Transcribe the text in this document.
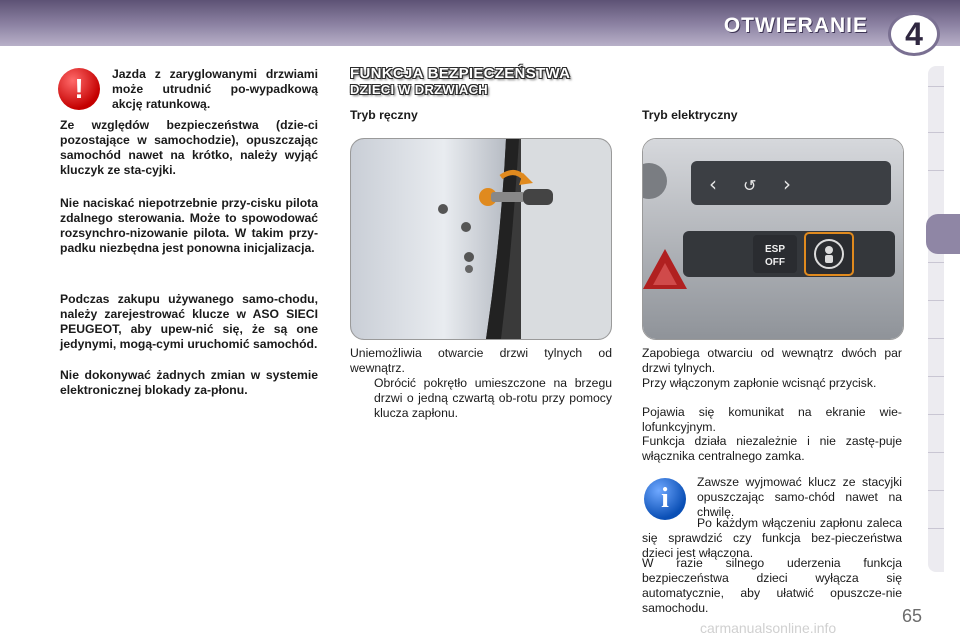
OTWIERANIE	4
!	Jazda z zaryglowanymi drzwiami może utrudnić po-wypadkową akcję ratunkową.

Ze względów bezpieczeństwa (dzie-ci pozostające w samochodzie), opuszczając samochód nawet na krótko, należy wyjąć kluczyk ze sta-cyjki.

Nie naciskać niepotrzebnie przy-cisku pilota zdalnego sterowania. Może to spowodować rozsynchro-nizowanie pilota. W takim przy-padku niezbędna jest ponowna inicjalizacja.

Podczas zakupu używanego samo-chodu, należy zarejestrować klucze w ASO SIECI PEUGEOT, aby upew-nić się, że są one jedynymi, mogą-cymi uruchomić samochód.

Nie dokonywać żadnych zmian w systemie elektronicznej blokady za-płonu.

FUNKCJA BEZPIECZEŃSTWA
DZIECI W DRZWIACH
Tryb ręczny

Uniemożliwia otwarcie drzwi tylnych od wewnątrz.

Obrócić pokrętło umieszczone na brzegu drzwi o jedną czwartą ob-rotu przy pomocy klucza zapłonu.

Tryb elektryczny
‹ ↺ ›
ESP
OFF

Zapobiega otwarciu od wewnątrz dwóch par drzwi tylnych.

Przy włączonym zapłonie wcisnąć przycisk.

Pojawia się komunikat na ekranie wie-lofunkcyjnym.

Funkcja działa niezależnie i nie zastę-puje włącznika centralnego zamka.

i

Zawsze wyjmować klucz ze stacyjki opuszczając samo-chód nawet na chwilę.

Po każdym włączeniu zapłonu zaleca się sprawdzić czy funkcja bez-pieczeństwa dzieci jest włączona.

W razie silnego uderzenia funkcja bezpieczeństwa dzieci wyłącza się automatycznie, aby ułatwić opuszcze-nie samochodu.

carmanualsonline.info
65
